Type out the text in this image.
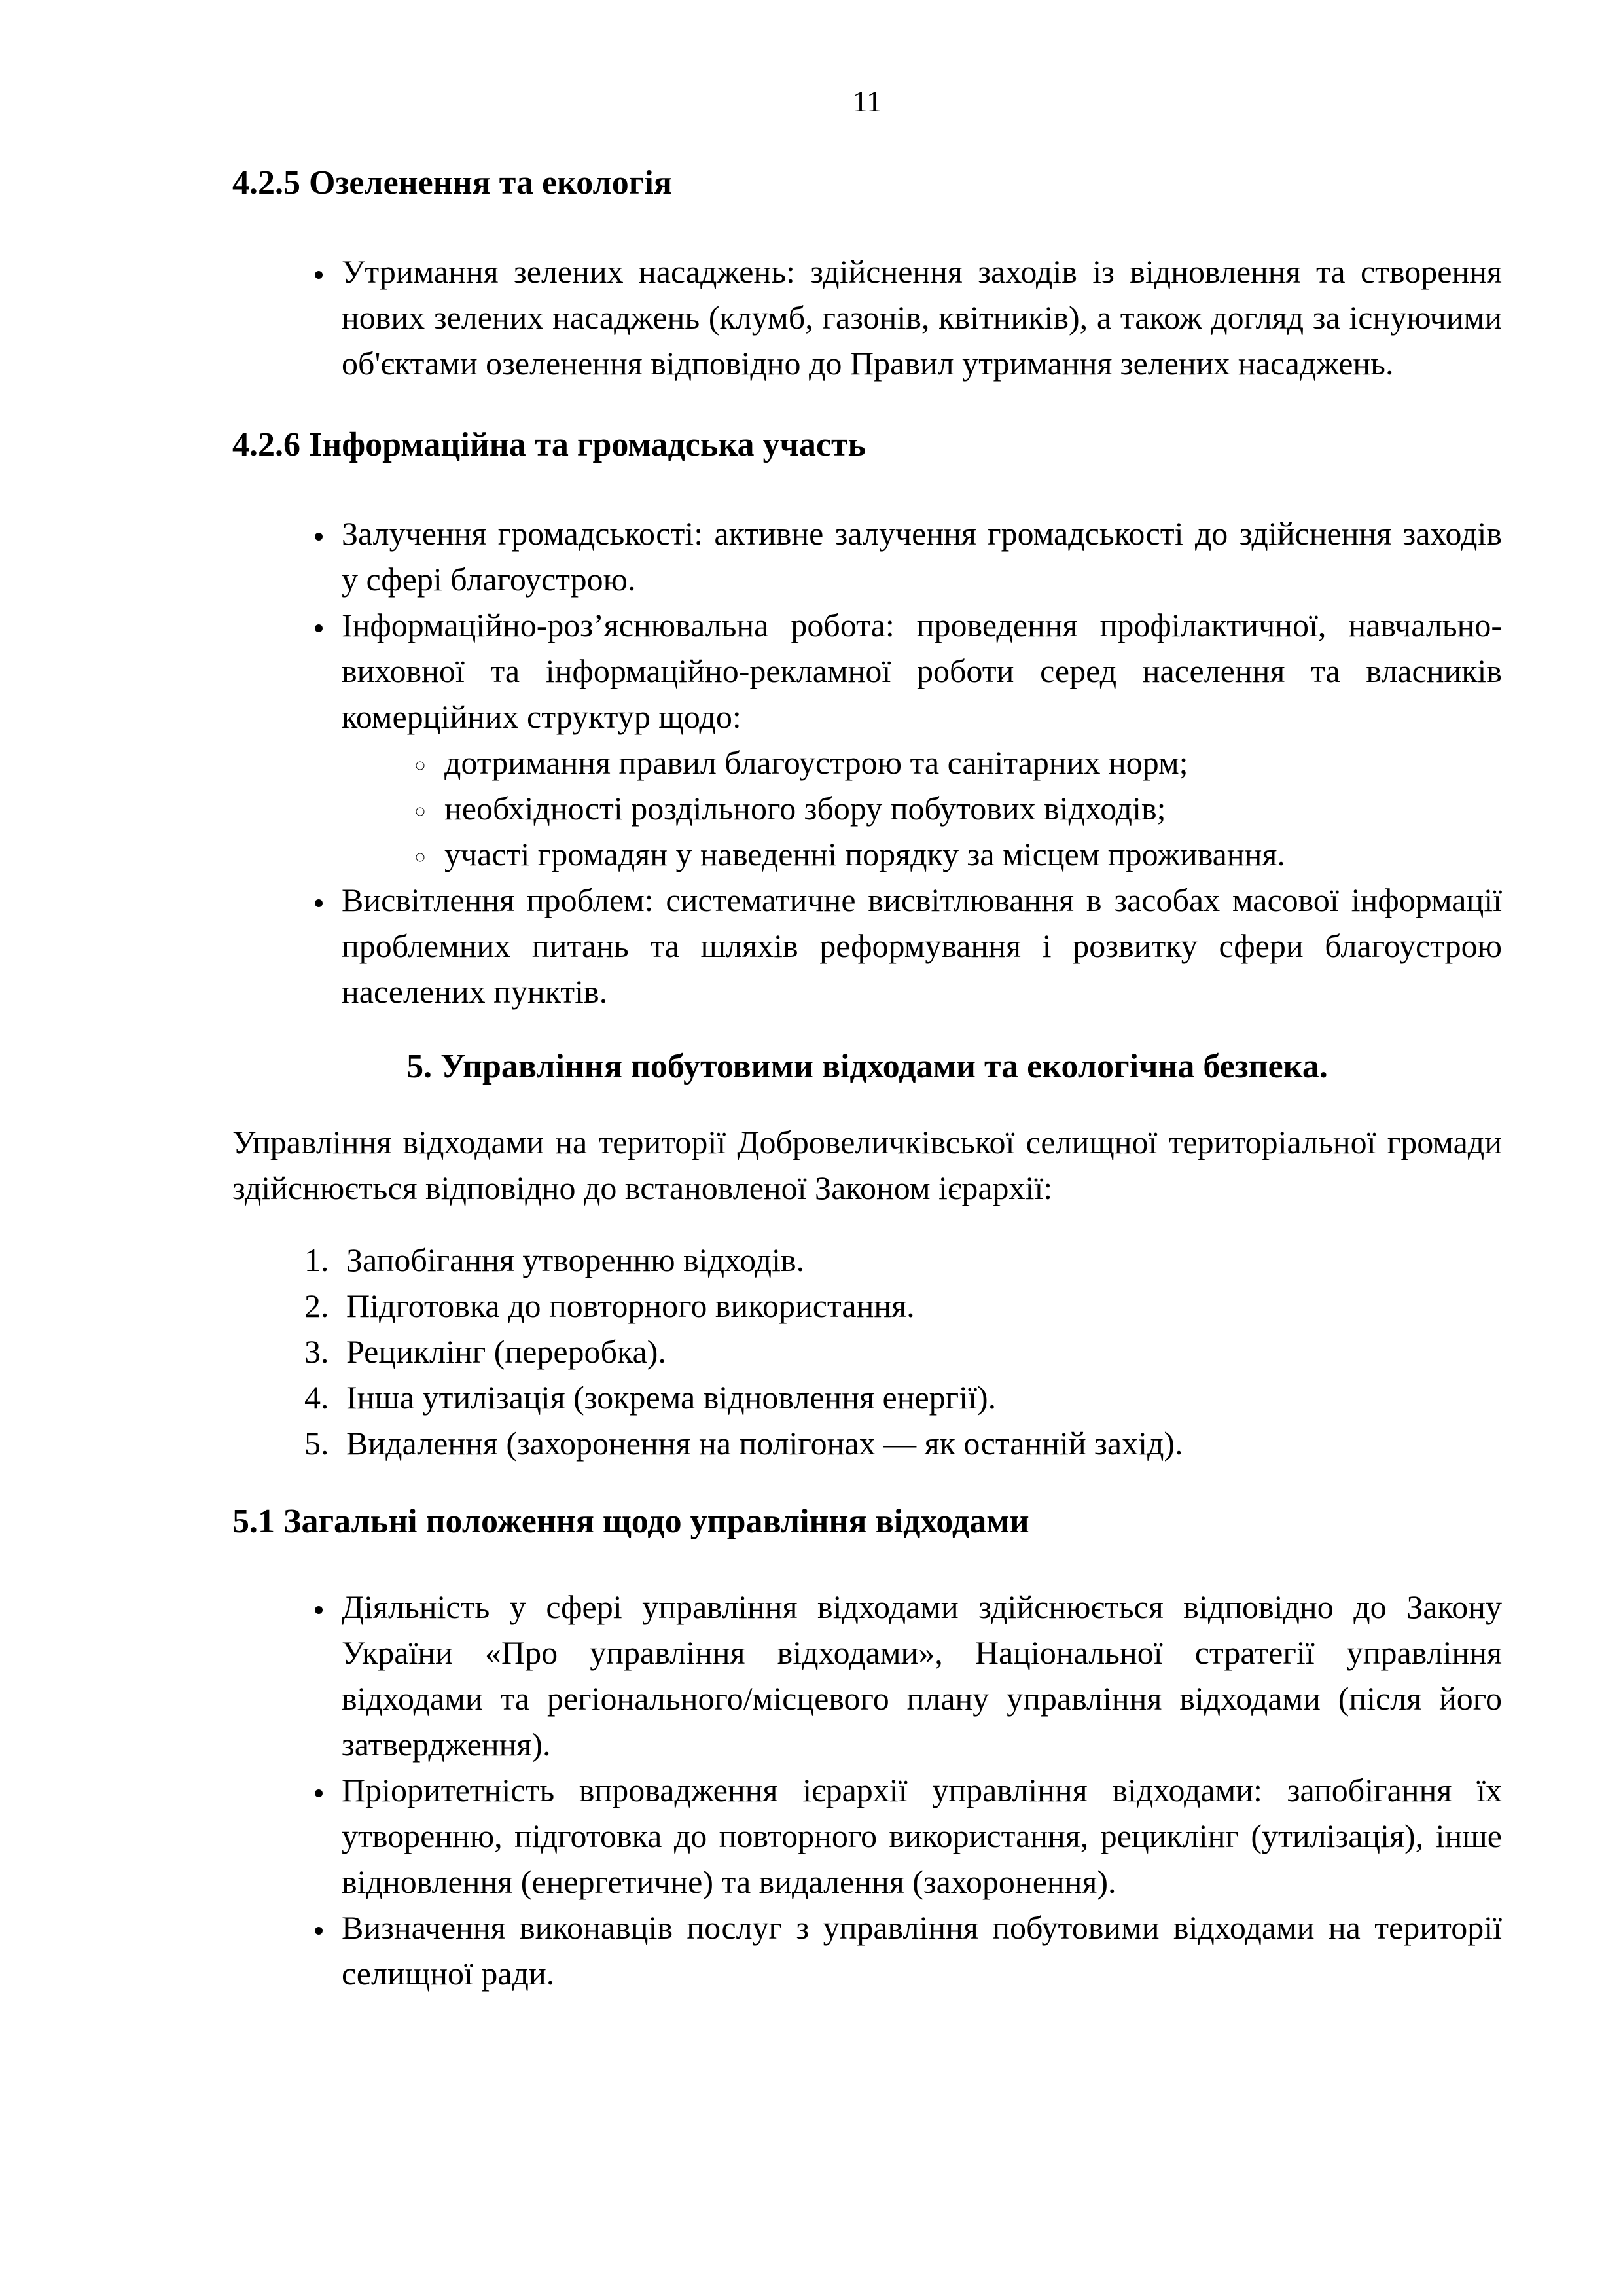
11
4.2.5 Озеленення та екологія
• Утримання зелених насаджень: здійснення заходів із відновлення та створення нових зелених насаджень (клумб, газонів, квітників), а також догляд за існуючими об'єктами озеленення відповідно до Правил утримання зелених насаджень.
4.2.6 Інформаційна та громадська участь
• Залучення громадськості: активне залучення громадськості до здійснення заходів у сфері благоустрою.
• Інформаційно-роз’яснювальна робота: проведення профілактичної, навчально-виховної та інформаційно-рекламної роботи серед населення та власників комерційних структур щодо:
◦ дотримання правил благоустрою та санітарних норм;
◦ необхідності роздільного збору побутових відходів;
◦ участі громадян у наведенні порядку за місцем проживання.
• Висвітлення проблем: систематичне висвітлювання в засобах масової інформації проблемних питань та шляхів реформування і розвитку сфери благоустрою населених пунктів.
5. Управління побутовими відходами та екологічна безпека.

Управління відходами на території Добровеличківської селищної територіальної громади здійснюється відповідно до встановленої Законом ієрархії:

1. Запобігання утворенню відходів.
2. Підготовка до повторного використання.
3. Рециклінг (переробка).
4. Інша утилізація (зокрема відновлення енергії).
5. Видалення (захоронення на полігонах — як останній захід).
5.1 Загальні положення щодо управління відходами
• Діяльність у сфері управління відходами здійснюється відповідно до Закону України «Про управління відходами», Національної стратегії управління відходами та регіонального/місцевого плану управління відходами (після його затвердження).
• Пріоритетність впровадження ієрархії управління відходами: запобігання їх утворенню, підготовка до повторного використання, рециклінг (утилізація), інше відновлення (енергетичне) та видалення (захоронення).
• Визначення виконавців послуг з управління побутовими відходами на території селищної ради.
